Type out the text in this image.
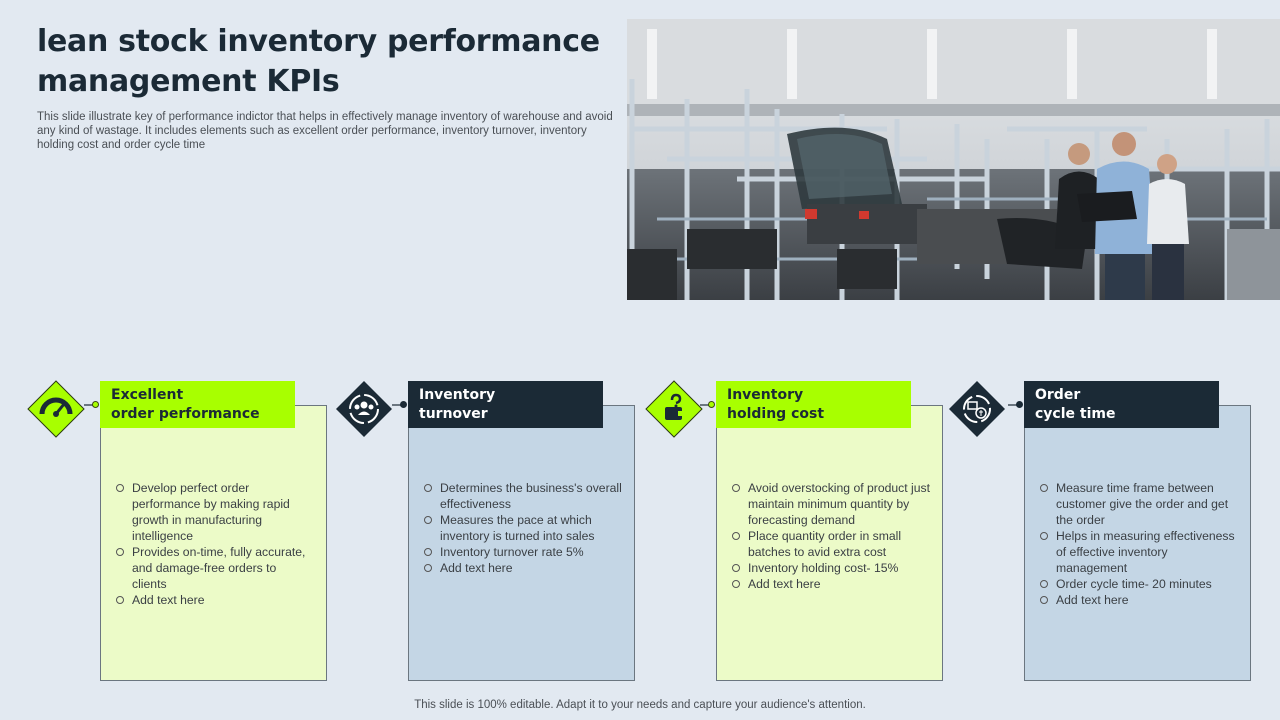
lean stock inventory performance management KPIs

This slide illustrate key of performance indictor that helps in effectively manage inventory of warehouse and avoid any kind of wastage. It includes elements such as excellent order performance, inventory turnover, inventory holding cost and order cycle time

Develop perfect order performance by making rapid growth in manufacturing intelligence
Provides on-time, fully accurate, and damage-free orders to clients
Add text here
Excellent
order performance
Determines the business's overall effectiveness
Measures the pace at which inventory is turned into sales
Inventory turnover rate 5%
Add text here
Inventory
turnover
Avoid overstocking of product just maintain minimum quantity by forecasting demand
Place quantity order in small batches to avid extra cost
Inventory holding cost- 15%
Add text here
Inventory
holding cost
Measure time frame between customer give the order and get the order
Helps in measuring effectiveness of effective inventory management
Order cycle time- 20 minutes
Add text here
Order
cycle time
This slide is 100% editable. Adapt it to your needs and capture your audience's attention.
